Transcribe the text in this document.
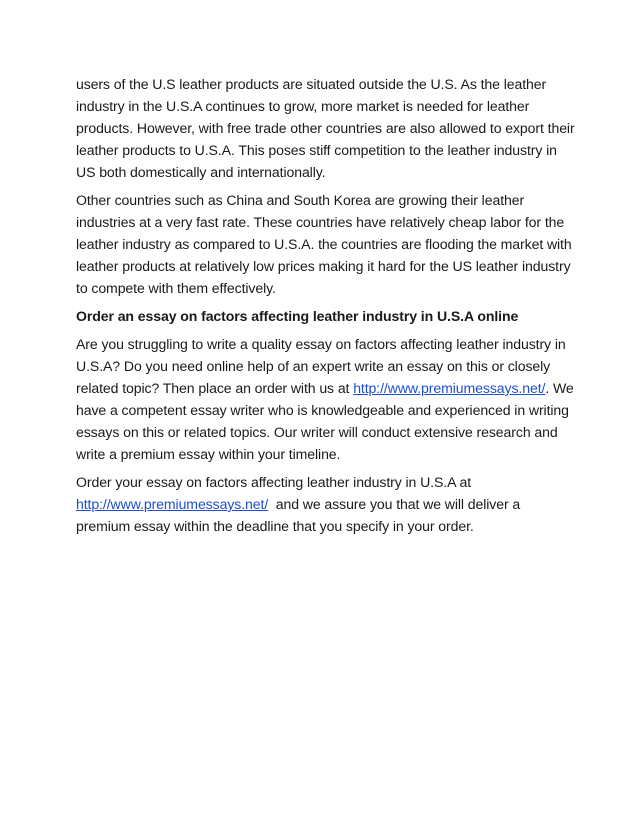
users of the U.S leather products are situated outside the U.S. As the leather industry in the U.S.A continues to grow, more market is needed for leather products. However, with free trade other countries are also allowed to export their leather products to U.S.A. This poses stiff competition to the leather industry in US both domestically and internationally.

Other countries such as China and South Korea are growing their leather industries at a very fast rate. These countries have relatively cheap labor for the leather industry as compared to U.S.A. the countries are flooding the market with leather products at relatively low prices making it hard for the US leather industry to compete with them effectively.

Order an essay on factors affecting leather industry in U.S.A online

Are you struggling to write a quality essay on factors affecting leather industry in U.S.A? Do you need online help of an expert write an essay on this or closely related topic? Then place an order with us at http://www.premiumessays.net/. We have a competent essay writer who is knowledgeable and experienced in writing essays on this or related topics. Our writer will conduct extensive research and write a premium essay within your timeline.

Order your essay on factors affecting leather industry in U.S.A at http://www.premiumessays.net/  and we assure you that we will deliver a premium essay within the deadline that you specify in your order.
